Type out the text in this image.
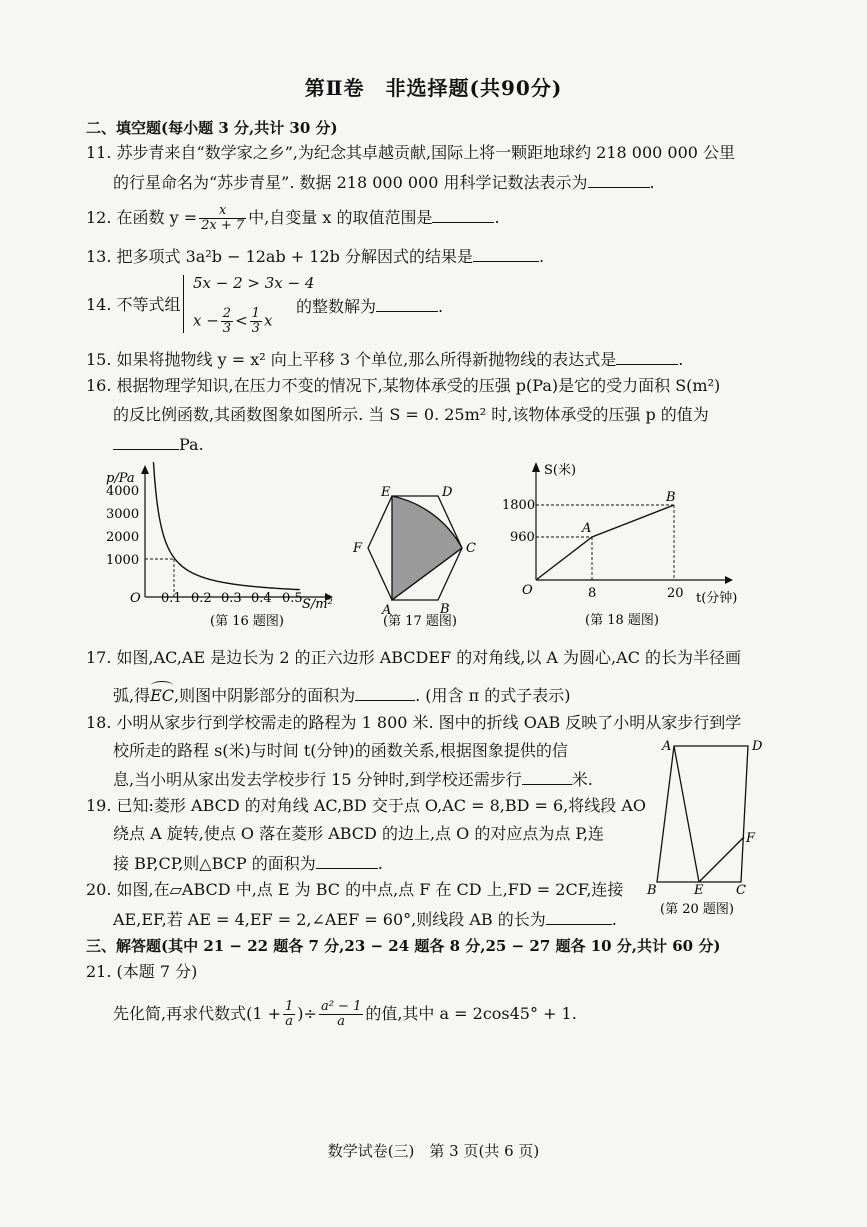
第Ⅱ卷　非选择题(共90分)
二、填空题(每小题 3 分,共计 30 分)
11. 苏步青来自“数学家之乡”,为纪念其卓越贡献,国际上将一颗距地球约 218 000 000 公里
的行星命名为“苏步青星”. 数据 218 000 000 用科学记数法表示为	.
12. 在函数 $y = \frac{x}{2x + 7}$ 中,自变量 x 的取值范围是	.
13. 把多项式 3a²b − 12ab + 12b 分解因式的结果是	.
14. 不等式组
5x − 2 > 3x − 4
$x - \frac{2}{3} < \frac{1}{3}$ x
的整数解为	.
15. 如果将抛物线 y = x² 向上平移 3 个单位,那么所得新抛物线的表达式是	.
16. 根据物理学知识,在压力不变的情况下,某物体承受的压强 p(Pa)是它的受力面积 S(m²)
的反比例函数,其函数图象如图所示. 当 S = 0. 25m² 时,该物体承受的压强 p 的值为
Pa.
p/Pa
S/m²
O
4000
3000
2000
1000
0.1 0.2 0.3 0.4 0.5
(第 16 题图)
A	B
C
D
E
F
(第 17 题图)
S(米)
t(分钟)
O
1800
960
8	20
A
B
(第 18 题图)
17. 如图,AC,AE 是边长为 2 的正六边形 ABCDEF 的对角线,以 A 为圆心,AC 的长为半径画
弧,得
EC,则图中阴影部分的面积为	. (用含 π 的式子表示)
18. 小明从家步行到学校需走的路程为 1 800 米. 图中的折线 OAB 反映了小明从家步行到学
校所走的路程 s(米)与时间 t(分钟)的函数关系,根据图象提供的信
息,当小明从家出发去学校步行 15 分钟时,到学校还需步行	米.
19. 已知:菱形 ABCD 的对角线 AC,BD 交于点 O,AC = 8,BD = 6,将线段 AO
绕点 A 旋转,使点 O 落在菱形 ABCD 的边上,点 O 的对应点为点 P,连
接 BP,CP,则△BCP 的面积为	.
20. 如图,在▱ABCD 中,点 E 为 BC 的中点,点 F 在 CD 上,FD = 2CF,连接
AE,EF,若 AE = 4,EF = 2,∠AEF = 60°,则线段 AB 的长为	.
A	D
B	E	C
F
(第 20 题图)
三、解答题(其中 21 − 22 题各 7 分,23 − 24 题各 8 分,25 − 27 题各 10 分,共计 60 分)
21. (本题 7 分)
先化简,再求代数式($1 + \frac{1}{a}$ )÷ $\frac{\text{a² − 1}}{a}$ 的值,其中 a = 2cos45° + 1.
数学试卷(三)　第 3 页(共 6 页)
